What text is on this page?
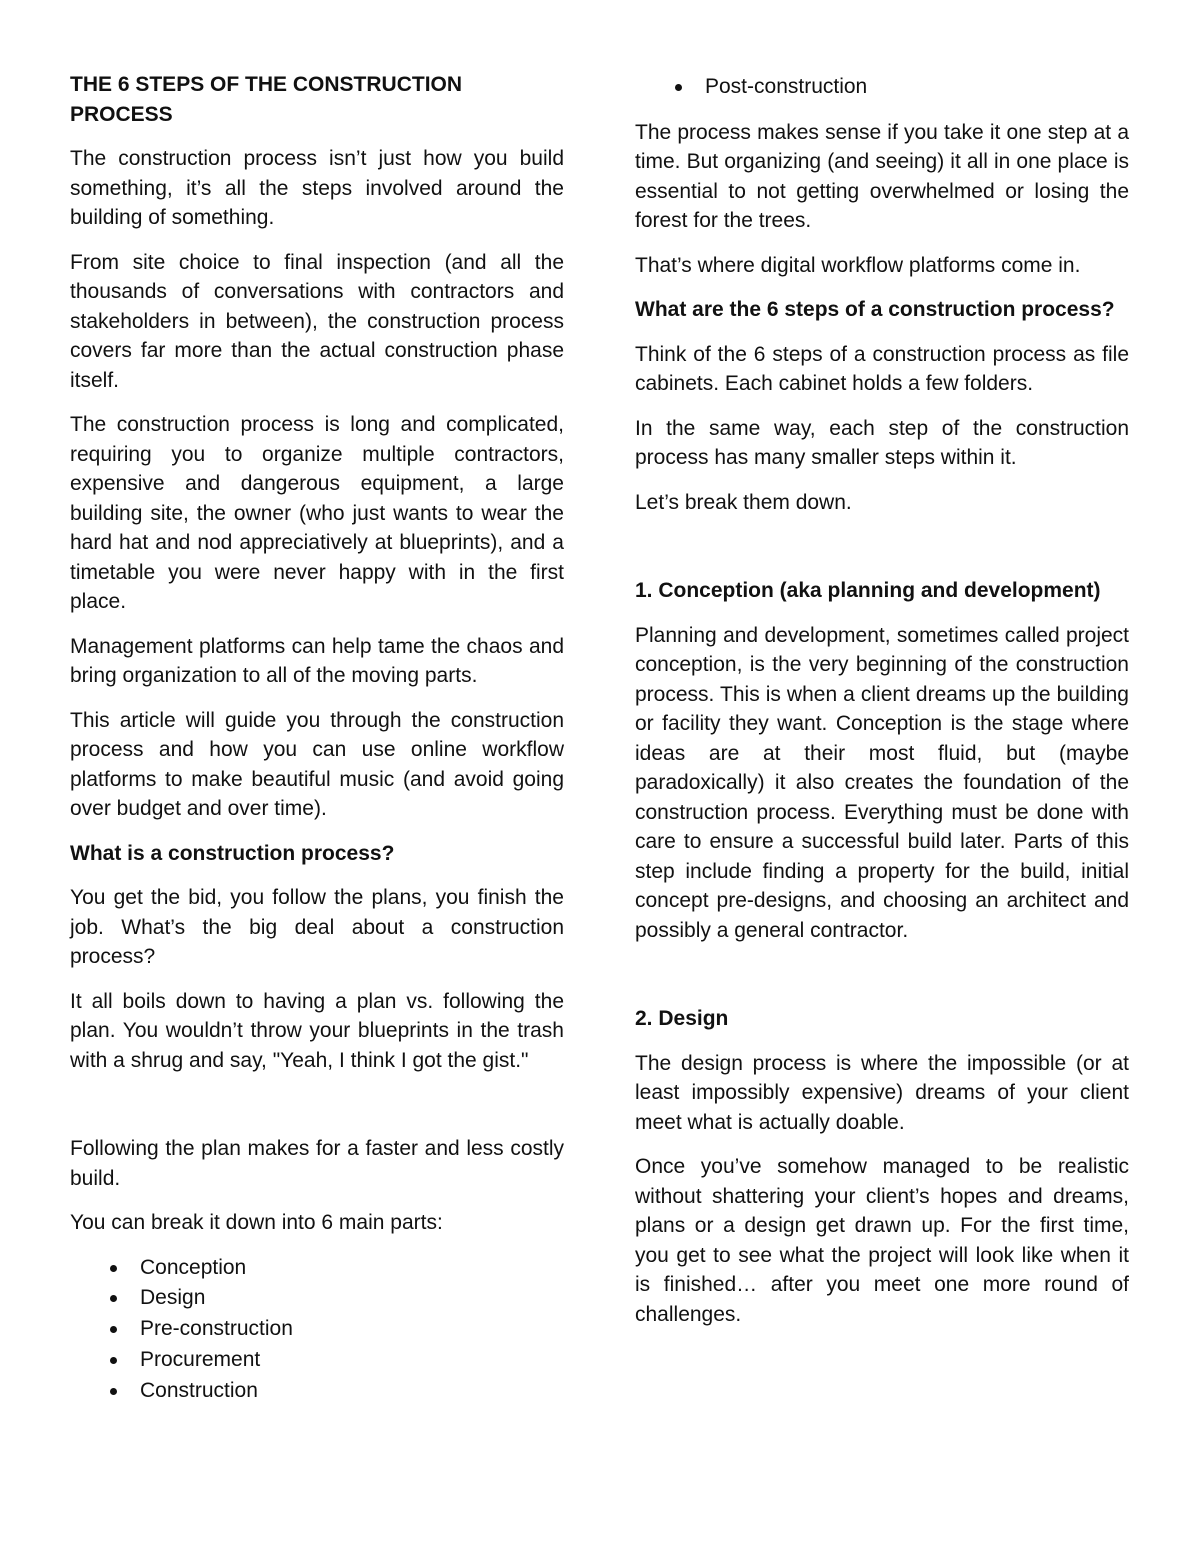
THE 6 STEPS OF THE CONSTRUCTION
PROCESS

The construction process isn’t just how you build something, it’s all the steps involved around the building of something.

From site choice to final inspection (and all the thousands of conversations with contractors and stakeholders in between), the construction process covers far more than the actual construction phase itself.

The construction process is long and complicated, requiring you to organize multiple contractors, expensive and dangerous equipment, a large building site, the owner (who just wants to wear the hard hat and nod appreciatively at blueprints), and a timetable you were never happy with in the first place.

Management platforms can help tame the chaos and bring organization to all of the moving parts.

This article will guide you through the construction process and how you can use online workflow platforms to make beautiful music (and avoid going over budget and over time).

What is a construction process?

You get the bid, you follow the plans, you finish the job. What’s the big deal about a construction process?

It all boils down to having a plan vs. following the plan. You wouldn’t throw your blueprints in the trash with a shrug and say, "Yeah, I think I got the gist."

Following the plan makes for a faster and less costly build.

You can break it down into 6 main parts:

Conception
Design
Pre-construction
Procurement
Construction
Post-construction

The process makes sense if you take it one step at a time. But organizing (and seeing) it all in one place is essential to not getting overwhelmed or losing the forest for the trees.

That’s where digital workflow platforms come in.

What are the 6 steps of a construction process?

Think of the 6 steps of a construction process as file cabinets. Each cabinet holds a few folders.

In the same way, each step of the construction process has many smaller steps within it.

Let’s break them down.

1. Conception (aka planning and development)

Planning and development, sometimes called project conception, is the very beginning of the construction process. This is when a client dreams up the building or facility they want. Conception is the stage where ideas are at their most fluid, but (maybe paradoxically) it also creates the foundation of the construction process. Everything must be done with care to ensure a successful build later. Parts of this step include finding a property for the build, initial concept pre-designs, and choosing an architect and possibly a general contractor.

2. Design

The design process is where the impossible (or at least impossibly expensive) dreams of your client meet what is actually doable.

Once you’ve somehow managed to be realistic without shattering your client’s hopes and dreams, plans or a design get drawn up. For the first time, you get to see what the project will look like when it is finished… after you meet one more round of challenges.
